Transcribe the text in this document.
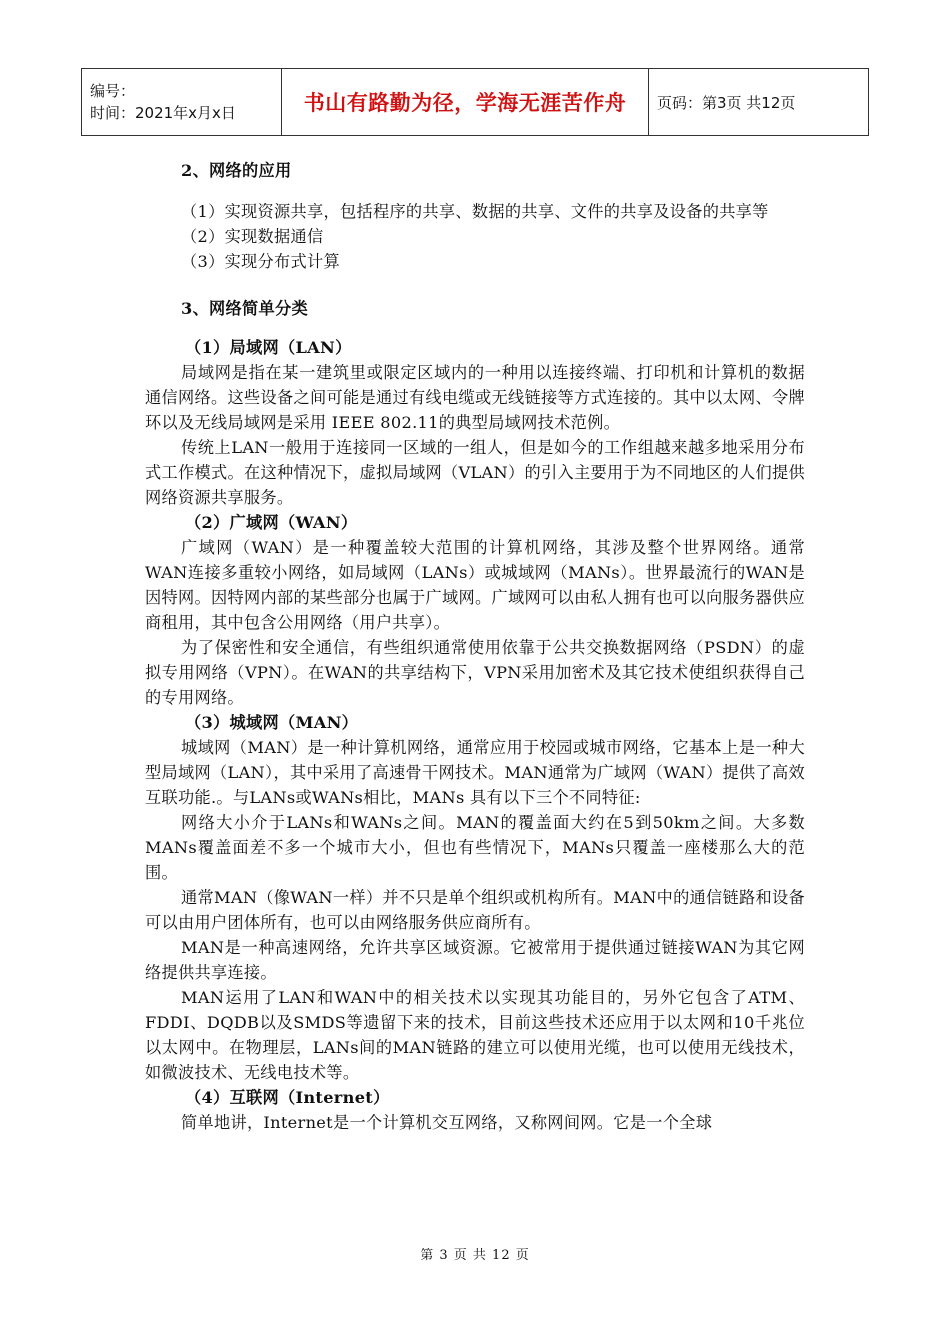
编号：
时间：2021年x月x日	书山有路勤为径，学海无涯苦作舟	页码：第3页 共12页

2、网络的应用

（1）实现资源共享，包括程序的共享、数据的共享、文件的共享及设备的共享等

（2）实现数据通信

（3）实现分布式计算

3、网络简单分类

（1）局域网（LAN）

局域网是指在某一建筑里或限定区域内的一种用以连接终端、打印机和计算机的数据通信网络。这些设备之间可能是通过有线电缆或无线链接等方式连接的。其中以太网、令牌环以及无线局域网是采用 IEEE 802.11的典型局域网技术范例。

传统上LAN一般用于连接同一区域的一组人，但是如今的工作组越来越多地采用分布式工作模式。在这种情况下，虚拟局域网（VLAN）的引入主要用于为不同地区的人们提供网络资源共享服务。

（2）广域网（WAN）

广域网（WAN）是一种覆盖较大范围的计算机网络，其涉及整个世界网络。通常WAN连接多重较小网络，如局域网（LANs）或城域网（MANs）。世界最流行的WAN是因特网。因特网内部的某些部分也属于广域网。广域网可以由私人拥有也可以向服务器供应商租用，其中包含公用网络（用户共享）。

为了保密性和安全通信，有些组织通常使用依靠于公共交换数据网络（PSDN）的虚拟专用网络（VPN）。在WAN的共享结构下，VPN采用加密术及其它技术使组织获得自己的专用网络。

（3）城域网（MAN）

城域网（MAN）是一种计算机网络，通常应用于校园或城市网络，它基本上是一种大型局域网（LAN），其中采用了高速骨干网技术。MAN通常为广域网（WAN）提供了高效互联功能.。与LANs或WANs相比，MANs 具有以下三个不同特征:

网络大小介于LANs和WANs之间。MAN的覆盖面大约在5到50km之间。大多数MANs覆盖面差不多一个城市大小，但也有些情况下，MANs只覆盖一座楼那么大的范围。

通常MAN（像WAN一样）并不只是单个组织或机构所有。MAN中的通信链路和设备可以由用户团体所有，也可以由网络服务供应商所有。

MAN是一种高速网络，允许共享区域资源。它被常用于提供通过链接WAN为其它网络提供共享连接。

MAN运用了LAN和WAN中的相关技术以实现其功能目的，另外它包含了ATM、FDDI、DQDB以及SMDS等遗留下来的技术，目前这些技术还应用于以太网和10千兆位以太网中。在物理层，LANs间的MAN链路的建立可以使用光缆，也可以使用无线技术，如微波技术、无线电技术等。

（4）互联网（Internet）

简单地讲，Internet是一个计算机交互网络，又称网间网。它是一个全球

第 3 页 共 12 页
